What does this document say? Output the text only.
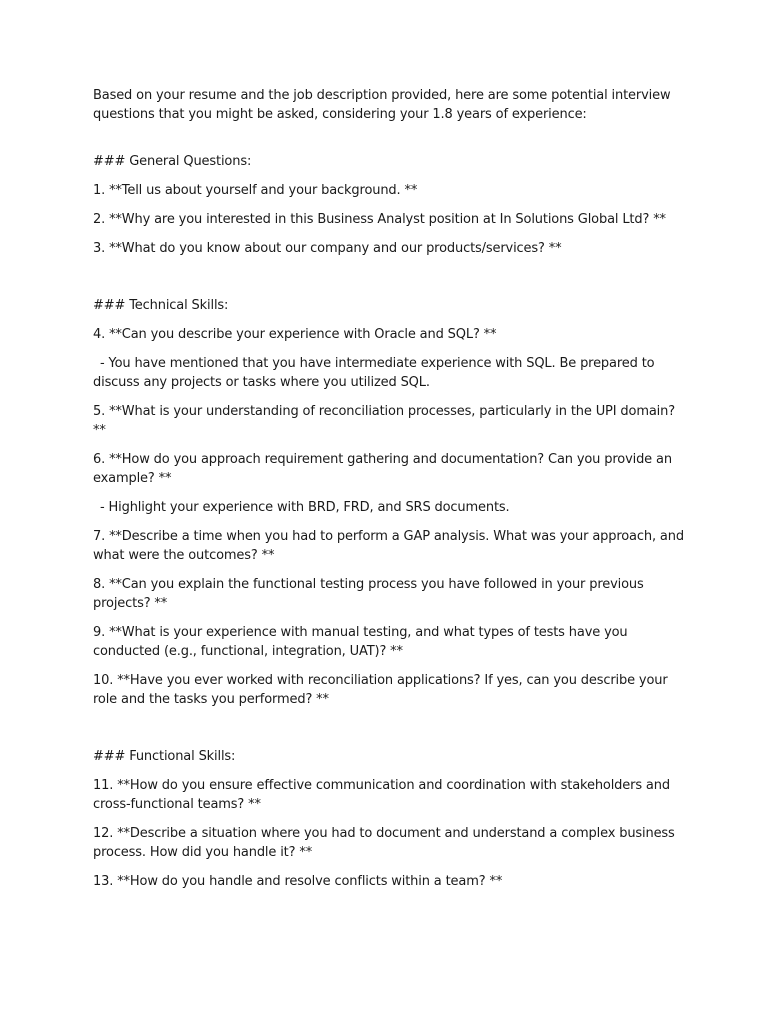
Based on your resume and the job description provided, here are some potential interview questions that you might be asked, considering your 1.8 years of experience:

### General Questions:

1. **Tell us about yourself and your background. **

2. **Why are you interested in this Business Analyst position at In Solutions Global Ltd? **

3. **What do you know about our company and our products/services? **

### Technical Skills:

4. **Can you describe your experience with Oracle and SQL? **

- You have mentioned that you have intermediate experience with SQL. Be prepared to discuss any projects or tasks where you utilized SQL.

5. **What is your understanding of reconciliation processes, particularly in the UPI domain? **

6. **How do you approach requirement gathering and documentation? Can you provide an example? **

- Highlight your experience with BRD, FRD, and SRS documents.

7. **Describe a time when you had to perform a GAP analysis. What was your approach, and what were the outcomes? **

8. **Can you explain the functional testing process you have followed in your previous projects? **

9. **What is your experience with manual testing, and what types of tests have you conducted (e.g., functional, integration, UAT)? **

10. **Have you ever worked with reconciliation applications? If yes, can you describe your role and the tasks you performed? **

### Functional Skills:

11. **How do you ensure effective communication and coordination with stakeholders and cross-functional teams? **

12. **Describe a situation where you had to document and understand a complex business process. How did you handle it? **

13. **How do you handle and resolve conflicts within a team? **
